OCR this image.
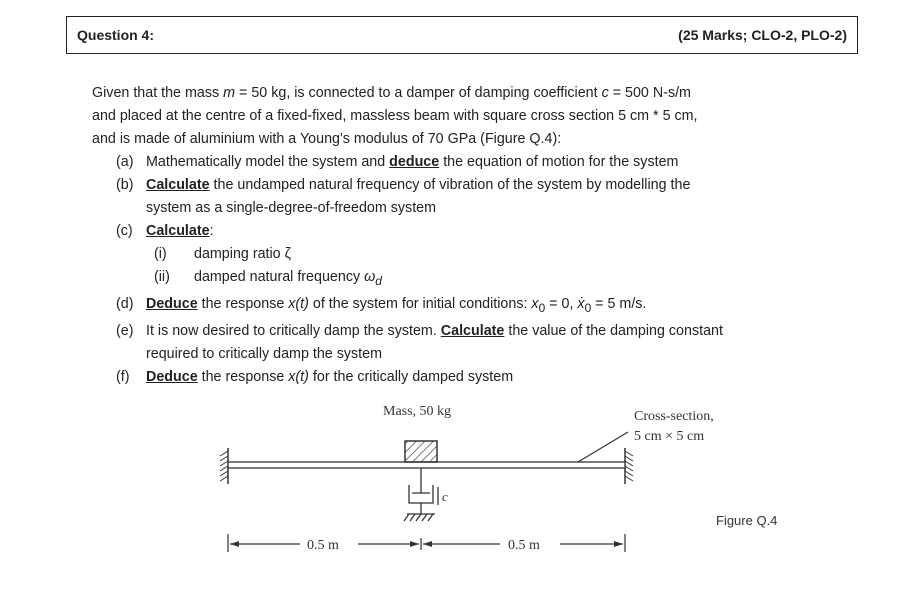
Question 4:	(25 Marks; CLO-2, PLO-2)
Given that the mass m = 50 kg, is connected to a damper of damping coefficient c = 500 N-s/m
and placed at the centre of a fixed-fixed, massless beam with square cross section 5 cm * 5 cm,
and is made of aluminium with a Young's modulus of 70 GPa (Figure Q.4):
(a) Mathematically model the system and deduce the equation of motion for the system
(b) Calculate the undamped natural frequency of vibration of the system by modelling the
system as a single-degree-of-freedom system
(c) Calculate:
(i)	damping ratio ζ
(ii)	damped natural frequency $\omega_d$
(d) Deduce the response x(t) of the system for initial conditions: $x_0 = 0$, ẋ$_0$ = 5 m/s.
(e) It is now desired to critically damp the system. Calculate the value of the damping constant
required to critically damp the system
(f)	Deduce the response x(t) for the critically damped system
Mass, 50 kg
c
Cross-section,
5 cm × 5 cm
0.5 m	0.5 m
Figure Q.4
